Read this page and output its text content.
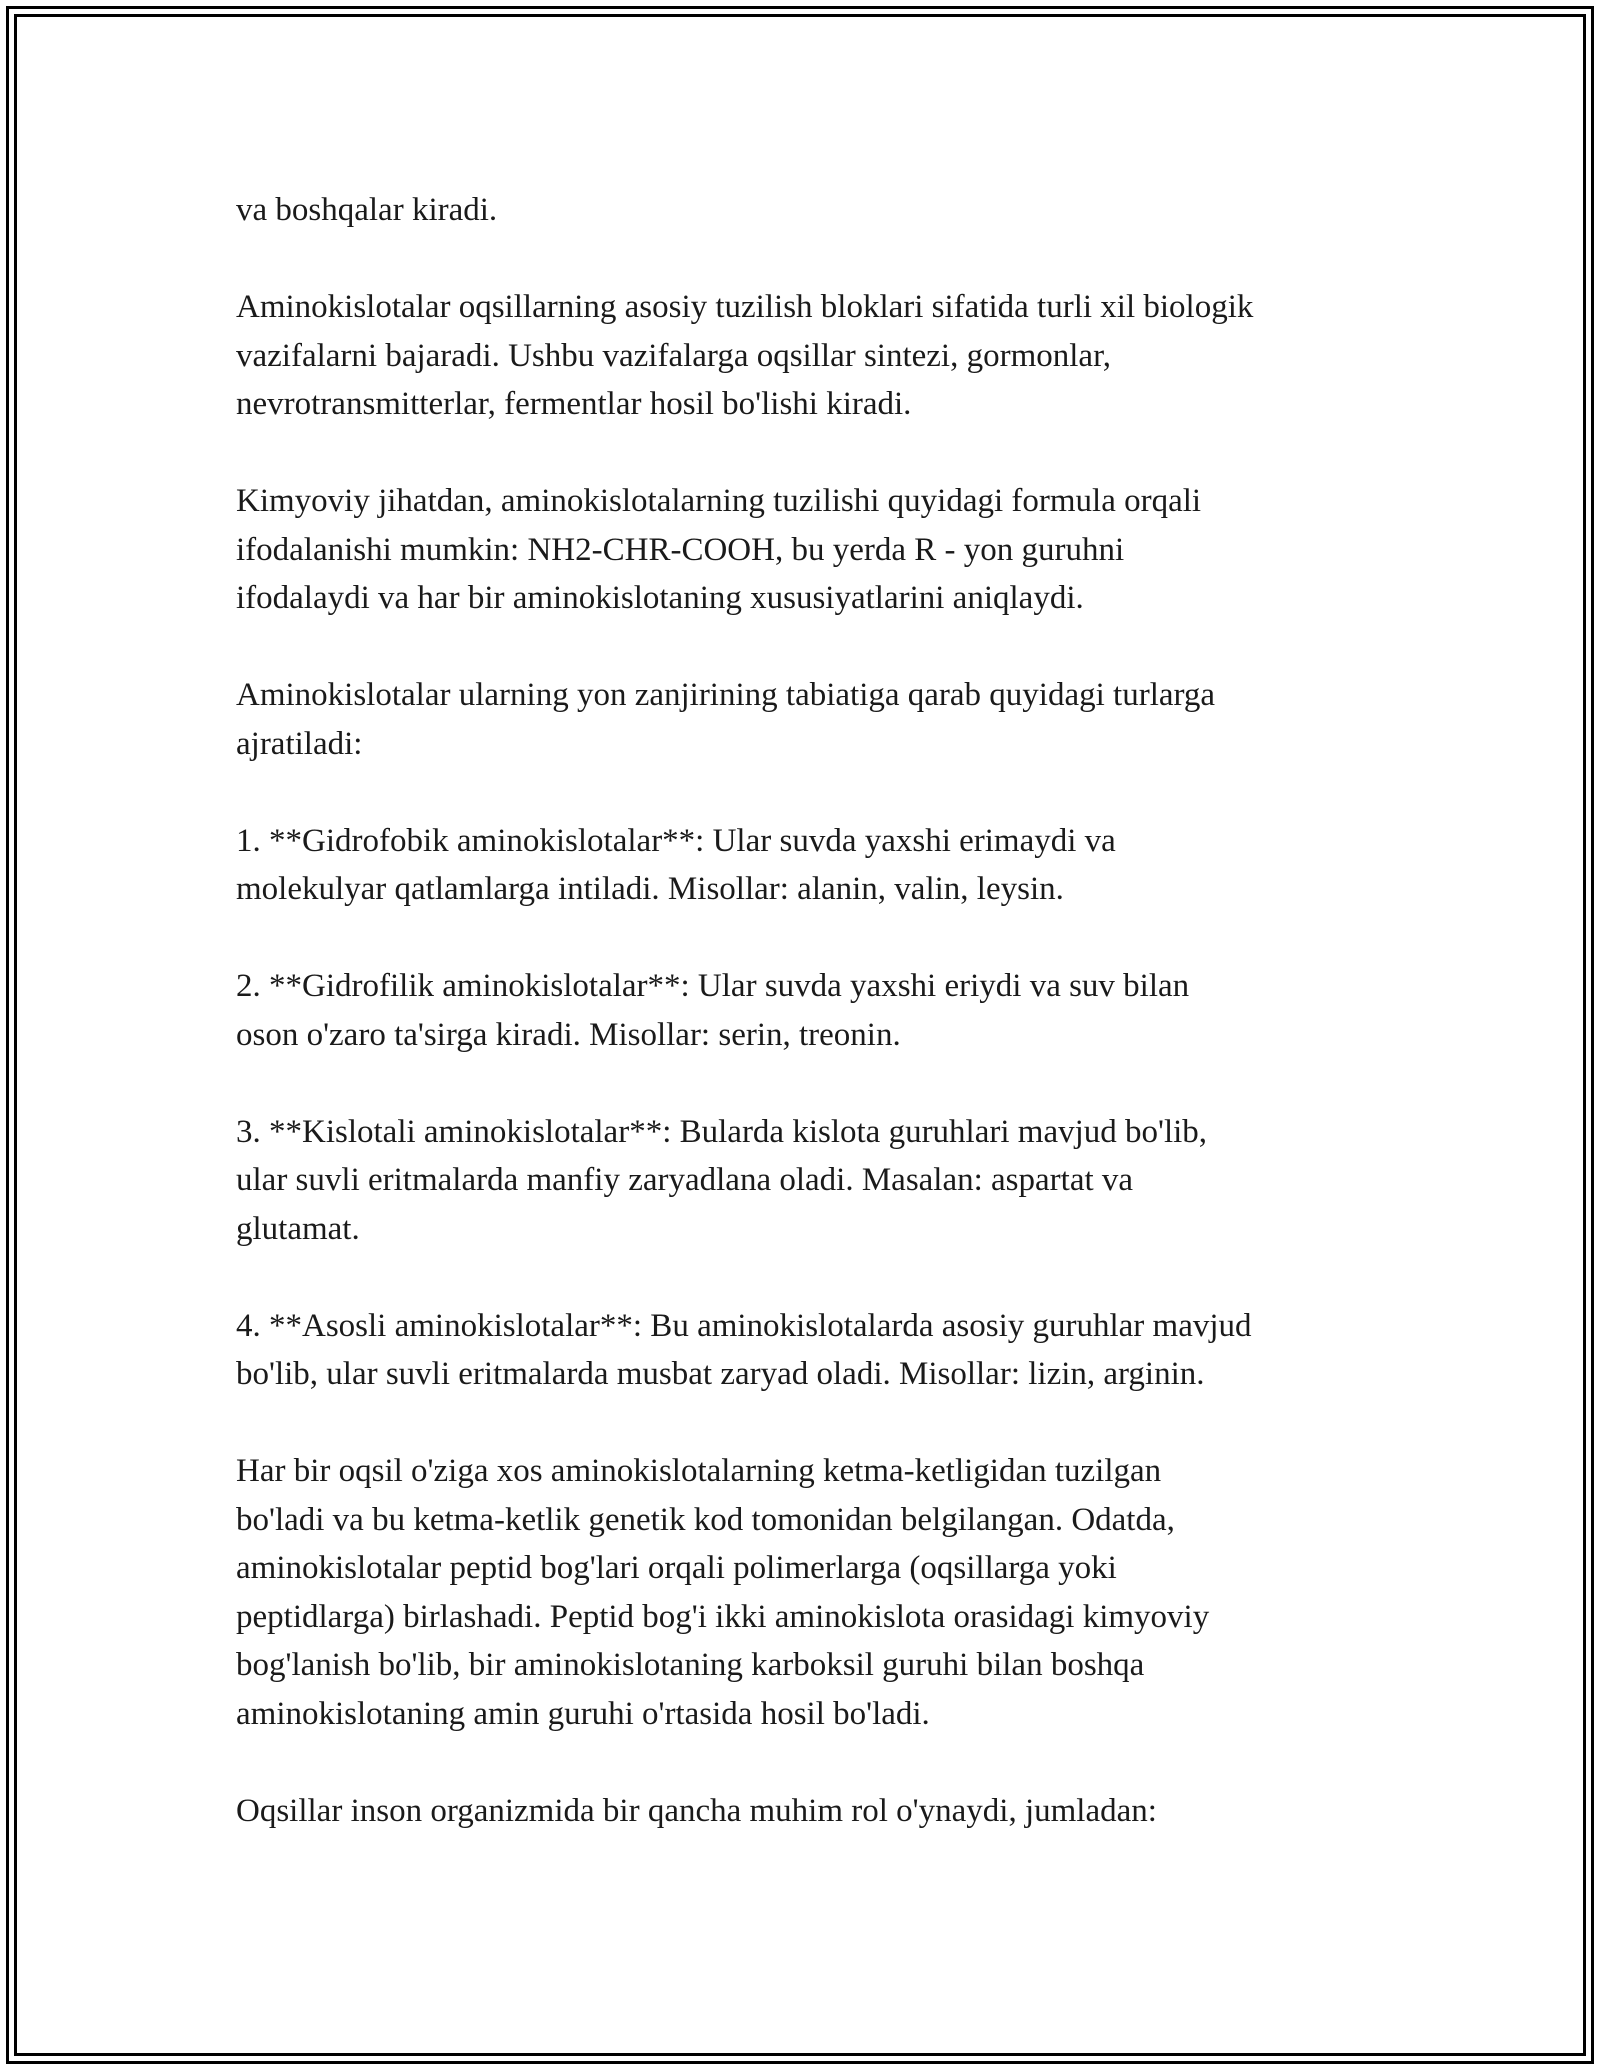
va boshqalar kiradi.

Aminokislotalar oqsillarning asosiy tuzilish bloklari sifatida turli xil biologik
vazifalarni bajaradi. Ushbu vazifalarga oqsillar sintezi, gormonlar,
nevrotransmitterlar, fermentlar hosil bo'lishi kiradi.

Kimyoviy jihatdan, aminokislotalarning tuzilishi quyidagi formula orqali
ifodalanishi mumkin: NH2-CHR-COOH, bu yerda R - yon guruhni
ifodalaydi va har bir aminokislotaning xususiyatlarini aniqlaydi.

Aminokislotalar ularning yon zanjirining tabiatiga qarab quyidagi turlarga
ajratiladi:

1. **Gidrofobik aminokislotalar**: Ular suvda yaxshi erimaydi va
molekulyar qatlamlarga intiladi. Misollar: alanin, valin, leysin.

2. **Gidrofilik aminokislotalar**: Ular suvda yaxshi eriydi va suv bilan
oson o'zaro ta'sirga kiradi. Misollar: serin, treonin.

3. **Kislotali aminokislotalar**: Bularda kislota guruhlari mavjud bo'lib,
ular suvli eritmalarda manfiy zaryadlana oladi. Masalan: aspartat va
glutamat.

4. **Asosli aminokislotalar**: Bu aminokislotalarda asosiy guruhlar mavjud
bo'lib, ular suvli eritmalarda musbat zaryad oladi. Misollar: lizin, arginin.

Har bir oqsil o'ziga xos aminokislotalarning ketma-ketligidan tuzilgan
bo'ladi va bu ketma-ketlik genetik kod tomonidan belgilangan. Odatda,
aminokislotalar peptid bog'lari orqali polimerlarga (oqsillarga yoki
peptidlarga) birlashadi. Peptid bog'i ikki aminokislota orasidagi kimyoviy
bog'lanish bo'lib, bir aminokislotaning karboksil guruhi bilan boshqa
aminokislotaning amin guruhi o'rtasida hosil bo'ladi.

Oqsillar inson organizmida bir qancha muhim rol o'ynaydi, jumladan:
